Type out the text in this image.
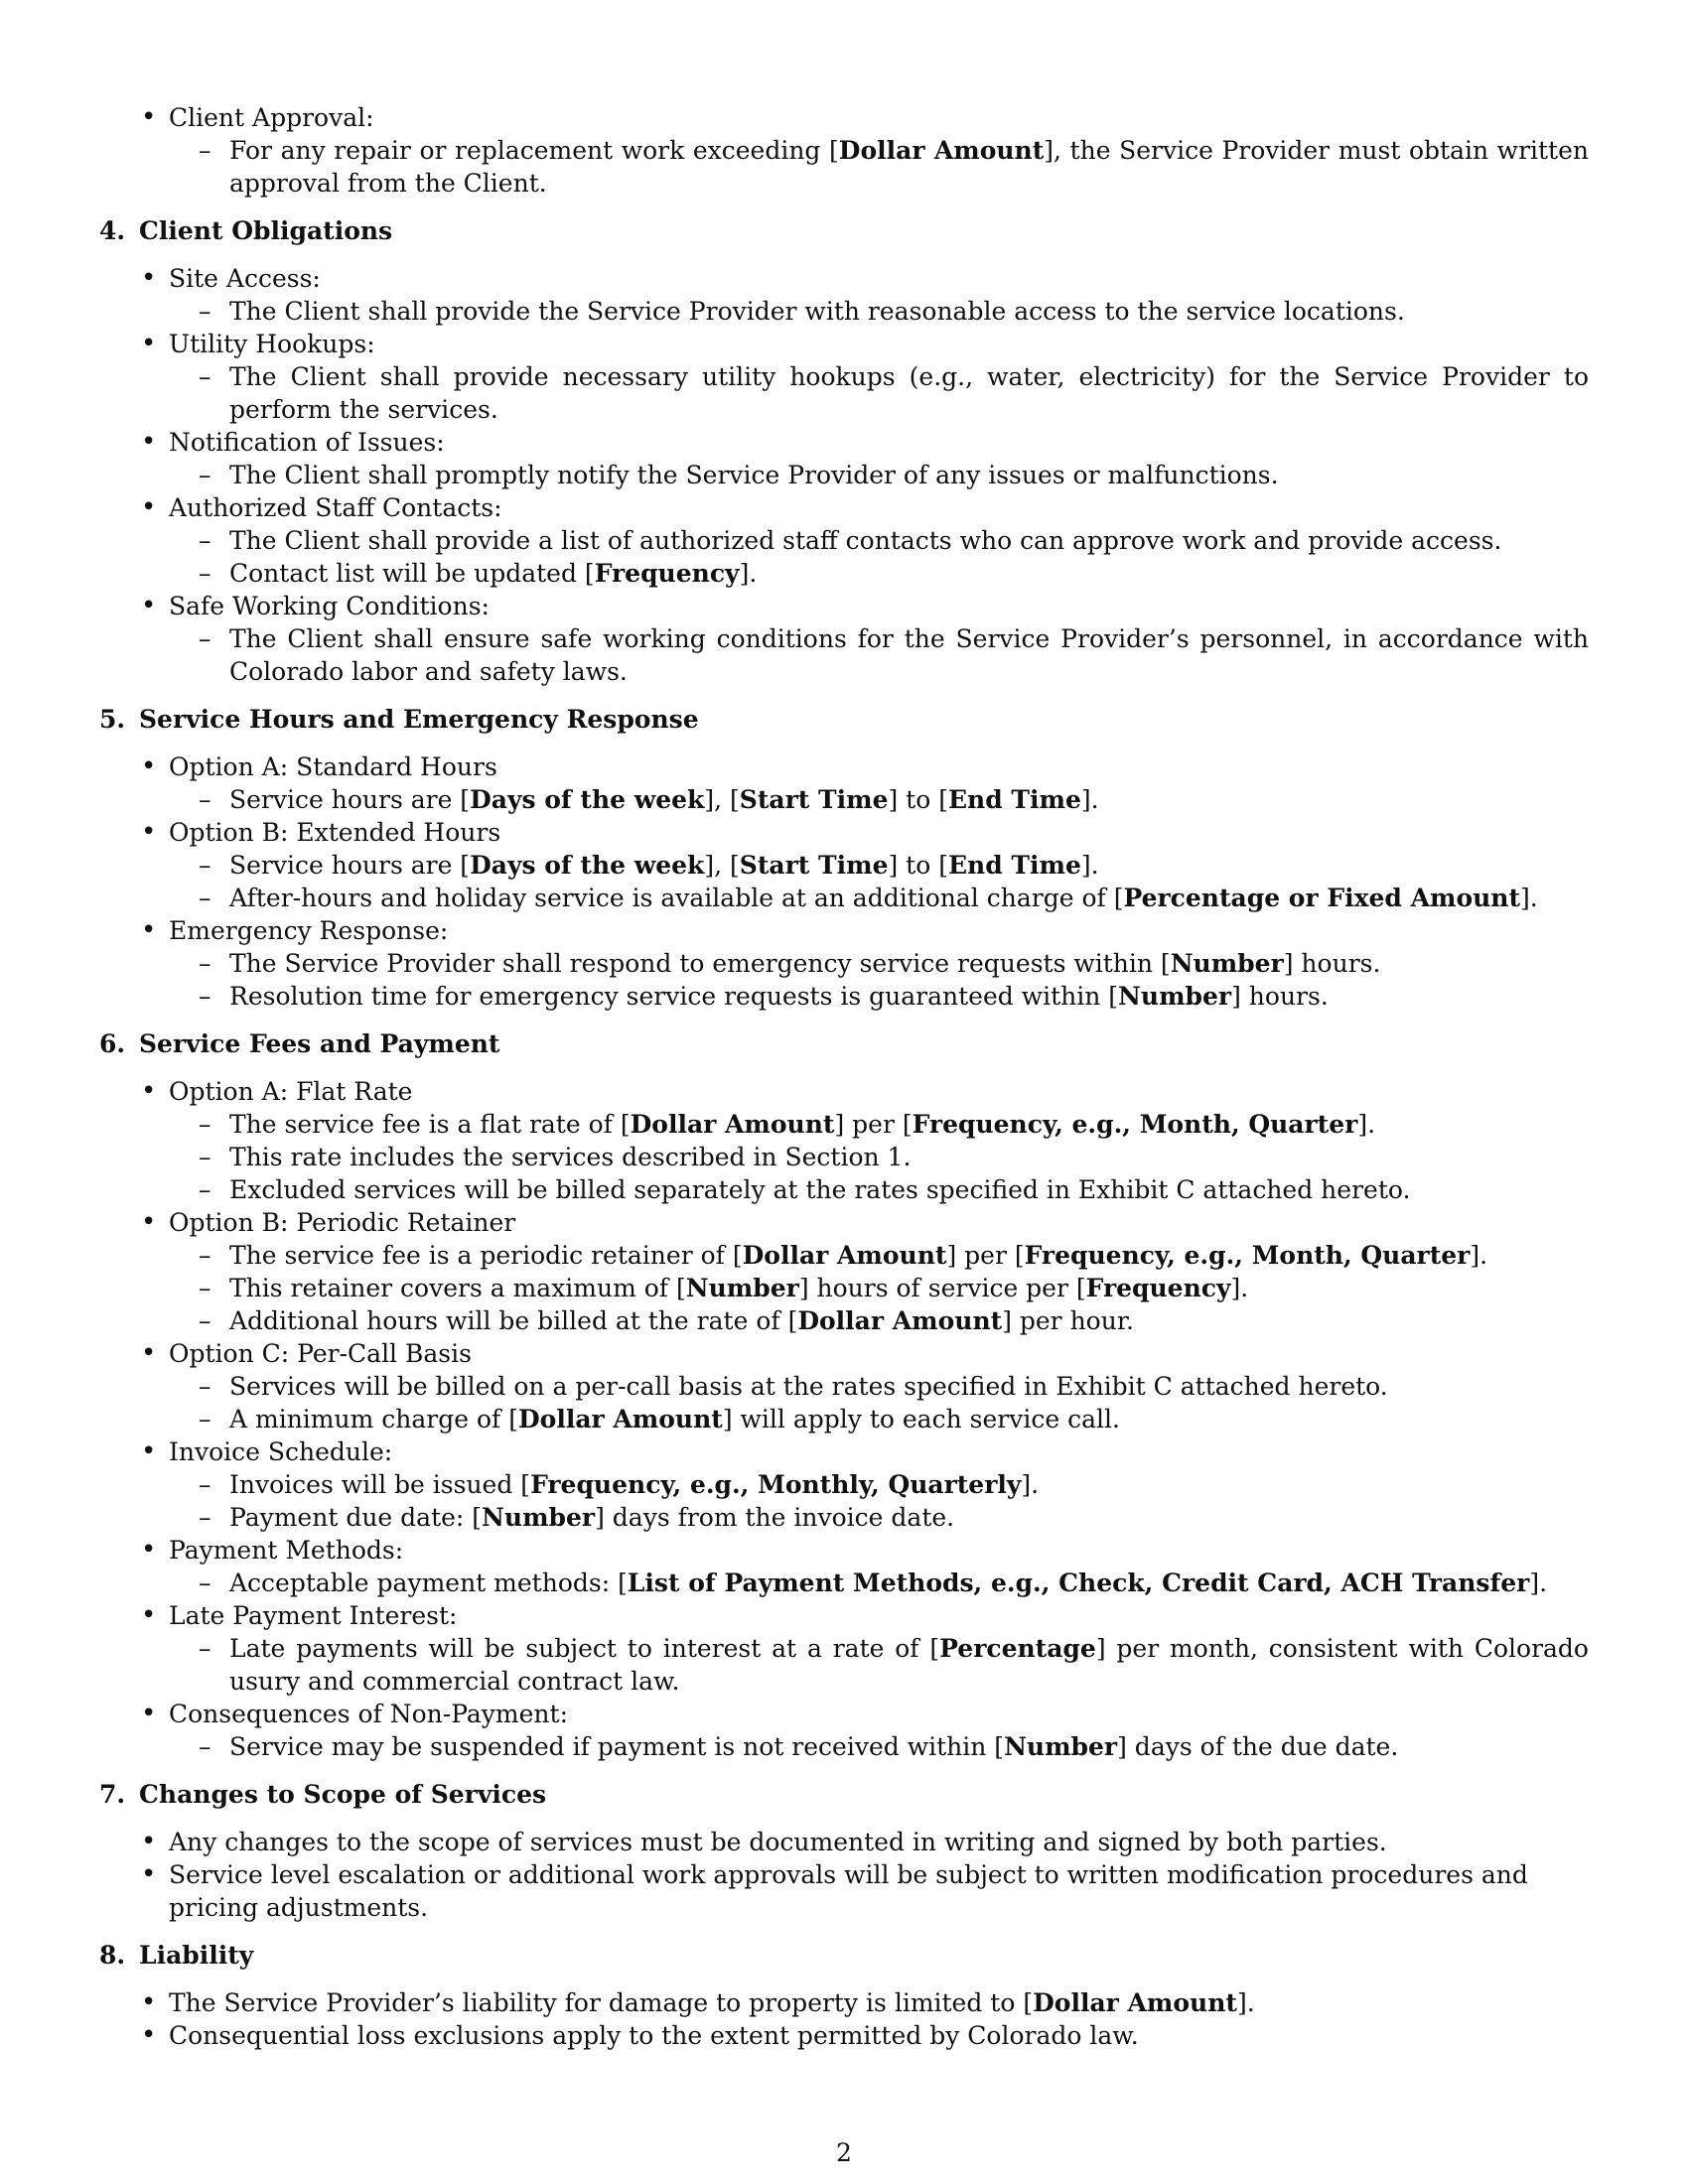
• Client Approval:
– For any repair or replacement work exceeding [Dollar Amount], the Service Provider must obtain written approval from the Client.
4. Client Obligations
• Site Access:
– The Client shall provide the Service Provider with reasonable access to the service locations.
• Utility Hookups:
– The Client shall provide necessary utility hookups (e.g., water, electricity) for the Service Provider to perform the services.
• Notification of Issues:
– The Client shall promptly notify the Service Provider of any issues or malfunctions.
• Authorized Staff Contacts:
– The Client shall provide a list of authorized staff contacts who can approve work and provide access.
– Contact list will be updated [Frequency].
• Safe Working Conditions:
– The Client shall ensure safe working conditions for the Service Provider’s personnel, in accordance with Colorado labor and safety laws.
5. Service Hours and Emergency Response
• Option A: Standard Hours
– Service hours are [Days of the week], [Start Time] to [End Time].
• Option B: Extended Hours
– Service hours are [Days of the week], [Start Time] to [End Time].
– After-hours and holiday service is available at an additional charge of [Percentage or Fixed Amount].
• Emergency Response:
– The Service Provider shall respond to emergency service requests within [Number] hours.
– Resolution time for emergency service requests is guaranteed within [Number] hours.
6. Service Fees and Payment
• Option A: Flat Rate
– The service fee is a flat rate of [Dollar Amount] per [Frequency, e.g., Month, Quarter].
– This rate includes the services described in Section 1.
– Excluded services will be billed separately at the rates specified in Exhibit C attached hereto.
• Option B: Periodic Retainer
– The service fee is a periodic retainer of [Dollar Amount] per [Frequency, e.g., Month, Quarter].
– This retainer covers a maximum of [Number] hours of service per [Frequency].
– Additional hours will be billed at the rate of [Dollar Amount] per hour.
• Option C: Per-Call Basis
– Services will be billed on a per-call basis at the rates specified in Exhibit C attached hereto.
– A minimum charge of [Dollar Amount] will apply to each service call.
• Invoice Schedule:
– Invoices will be issued [Frequency, e.g., Monthly, Quarterly].
– Payment due date: [Number] days from the invoice date.
• Payment Methods:
– Acceptable payment methods: [List of Payment Methods, e.g., Check, Credit Card, ACH Transfer].
• Late Payment Interest:
– Late payments will be subject to interest at a rate of [Percentage] per month, consistent with Colorado usury and commercial contract law.
• Consequences of Non-Payment:
– Service may be suspended if payment is not received within [Number] days of the due date.
7. Changes to Scope of Services
• Any changes to the scope of services must be documented in writing and signed by both parties.
• Service level escalation or additional work approvals will be subject to written modification procedures and pricing adjustments.
8. Liability
• The Service Provider’s liability for damage to property is limited to [Dollar Amount].
• Consequential loss exclusions apply to the extent permitted by Colorado law.
2
